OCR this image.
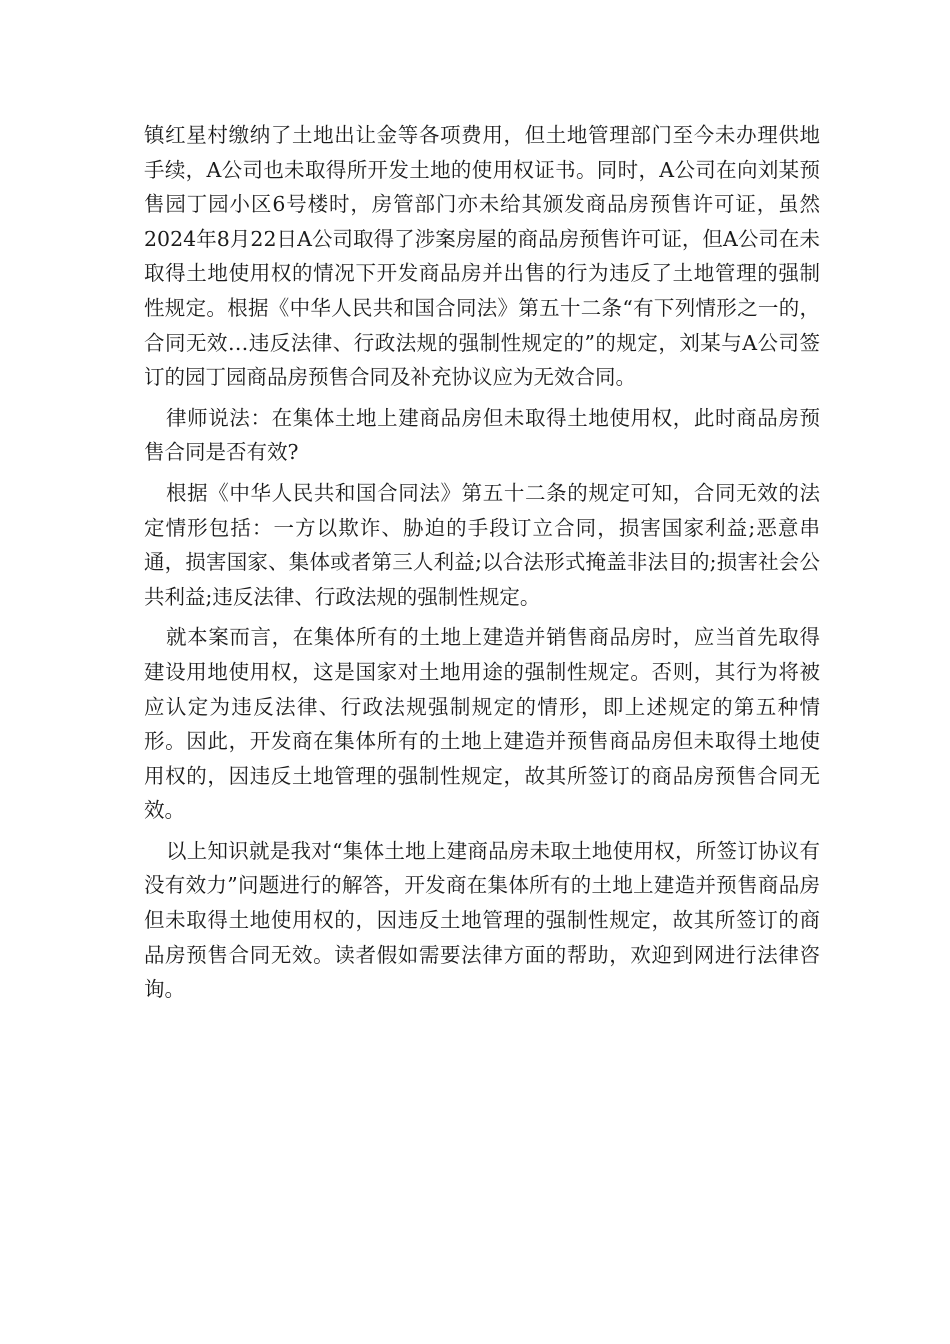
镇红星村缴纳了土地出让金等各项费用，但土地管理部门至今未办理供地手续，A公司也未取得所开发土地的使用权证书。同时，A公司在向刘某预售园丁园小区6号楼时，房管部门亦未给其颁发商品房预售许可证，虽然2024年8月22日A公司取得了涉案房屋的商品房预售许可证，但A公司在未取得土地使用权的情况下开发商品房并出售的行为违反了土地管理的强制性规定。根据《中华人民共和国合同法》第五十二条“有下列情形之一的，合同无效…违反法律、行政法规的强制性规定的”的规定，刘某与A公司签订的园丁园商品房预售合同及补充协议应为无效合同。

律师说法：在集体土地上建商品房但未取得土地使用权，此时商品房预售合同是否有效?

根据《中华人民共和国合同法》第五十二条的规定可知，合同无效的法定情形包括：一方以欺诈、胁迫的手段订立合同，损害国家利益;恶意串通，损害国家、集体或者第三人利益;以合法形式掩盖非法目的;损害社会公共利益;违反法律、行政法规的强制性规定。

就本案而言，在集体所有的土地上建造并销售商品房时，应当首先取得建设用地使用权，这是国家对土地用途的强制性规定。否则，其行为将被应认定为违反法律、行政法规强制规定的情形，即上述规定的第五种情形。因此，开发商在集体所有的土地上建造并预售商品房但未取得土地使用权的，因违反土地管理的强制性规定，故其所签订的商品房预售合同无效。

以上知识就是我对“集体土地上建商品房未取土地使用权，所签订协议有没有效力”问题进行的解答，开发商在集体所有的土地上建造并预售商品房但未取得土地使用权的，因违反土地管理的强制性规定，故其所签订的商品房预售合同无效。读者假如需要法律方面的帮助，欢迎到网进行法律咨询。
